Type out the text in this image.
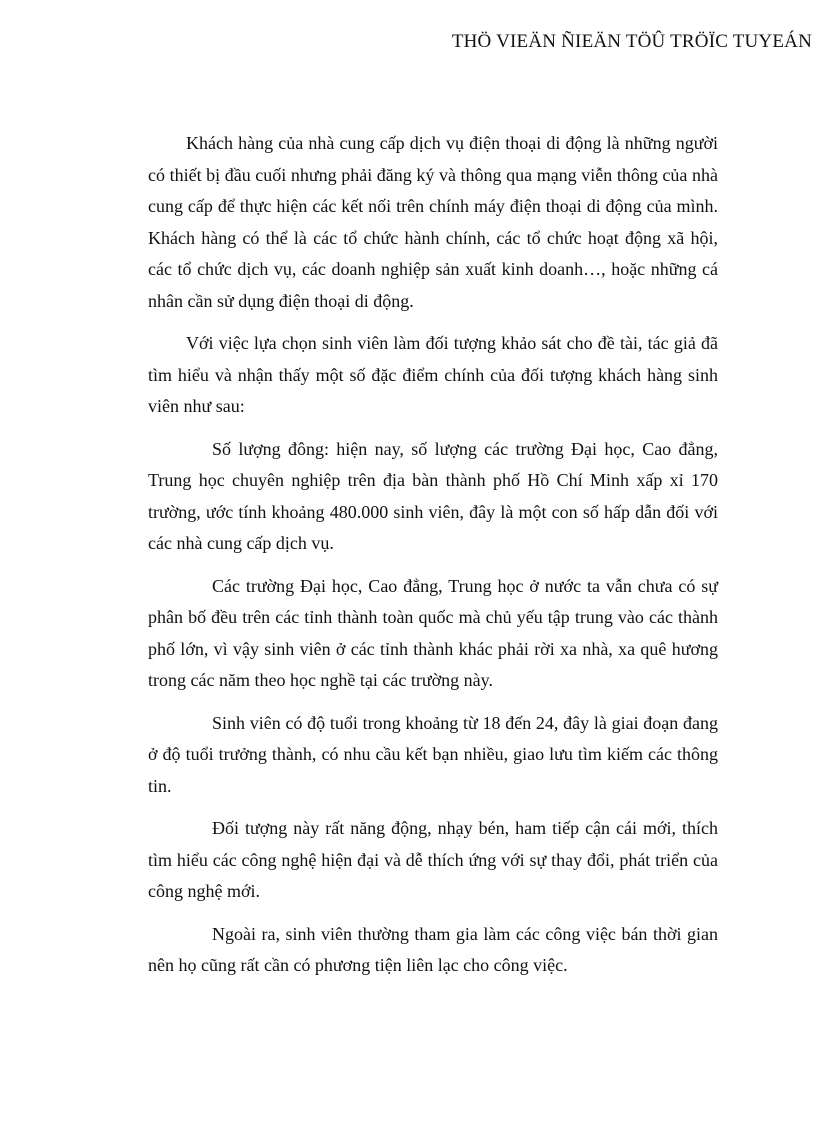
THÖ VIEÄN ÑIEÄN TÖÛ TRÖÏC TUYEÁN

Khách hàng của nhà cung cấp dịch vụ điện thoại di động là những người có thiết bị đầu cuối nhưng phải đăng ký và thông qua mạng viễn thông của nhà cung cấp để thực hiện các kết nối trên chính máy điện thoại di động của mình. Khách hàng có thể là các tổ chức hành chính, các tổ chức hoạt động xã hội, các tổ chức dịch vụ, các doanh nghiệp sản xuất kinh doanh…, hoặc những cá nhân cần sử dụng điện thoại di động.

Với việc lựa chọn sinh viên làm đối tượng khảo sát cho đề tài, tác giả đã tìm hiểu và nhận thấy một số đặc điểm chính của đối tượng khách hàng sinh viên như sau:

Số lượng đông: hiện nay, số lượng các trường Đại học, Cao đẳng, Trung học chuyên nghiệp trên địa bàn thành phố Hồ Chí Minh xấp xỉ 170 trường, ước tính khoảng 480.000 sinh viên, đây là một con số hấp dẫn đối với các nhà cung cấp dịch vụ.

Các trường Đại học, Cao đẳng, Trung học ở nước ta vẫn chưa có sự phân bố đều trên các tỉnh thành toàn quốc mà chủ yếu tập trung vào các thành phố lớn, vì vậy sinh viên ở các tỉnh thành khác phải rời xa nhà, xa quê hương trong các năm theo học nghề tại các trường này.

Sinh viên có độ tuổi trong khoảng từ 18 đến 24, đây là giai đoạn đang ở độ tuổi trưởng thành, có nhu cầu kết bạn nhiều, giao lưu tìm kiếm các thông tin.

Đối tượng này rất năng động, nhạy bén, ham tiếp cận cái mới, thích tìm hiểu các công nghệ hiện đại và dễ thích ứng với sự thay đổi, phát triển của công nghệ mới.

Ngoài ra, sinh viên thường tham gia làm các công việc bán thời gian nên họ cũng rất cần có phương tiện liên lạc cho công việc.
